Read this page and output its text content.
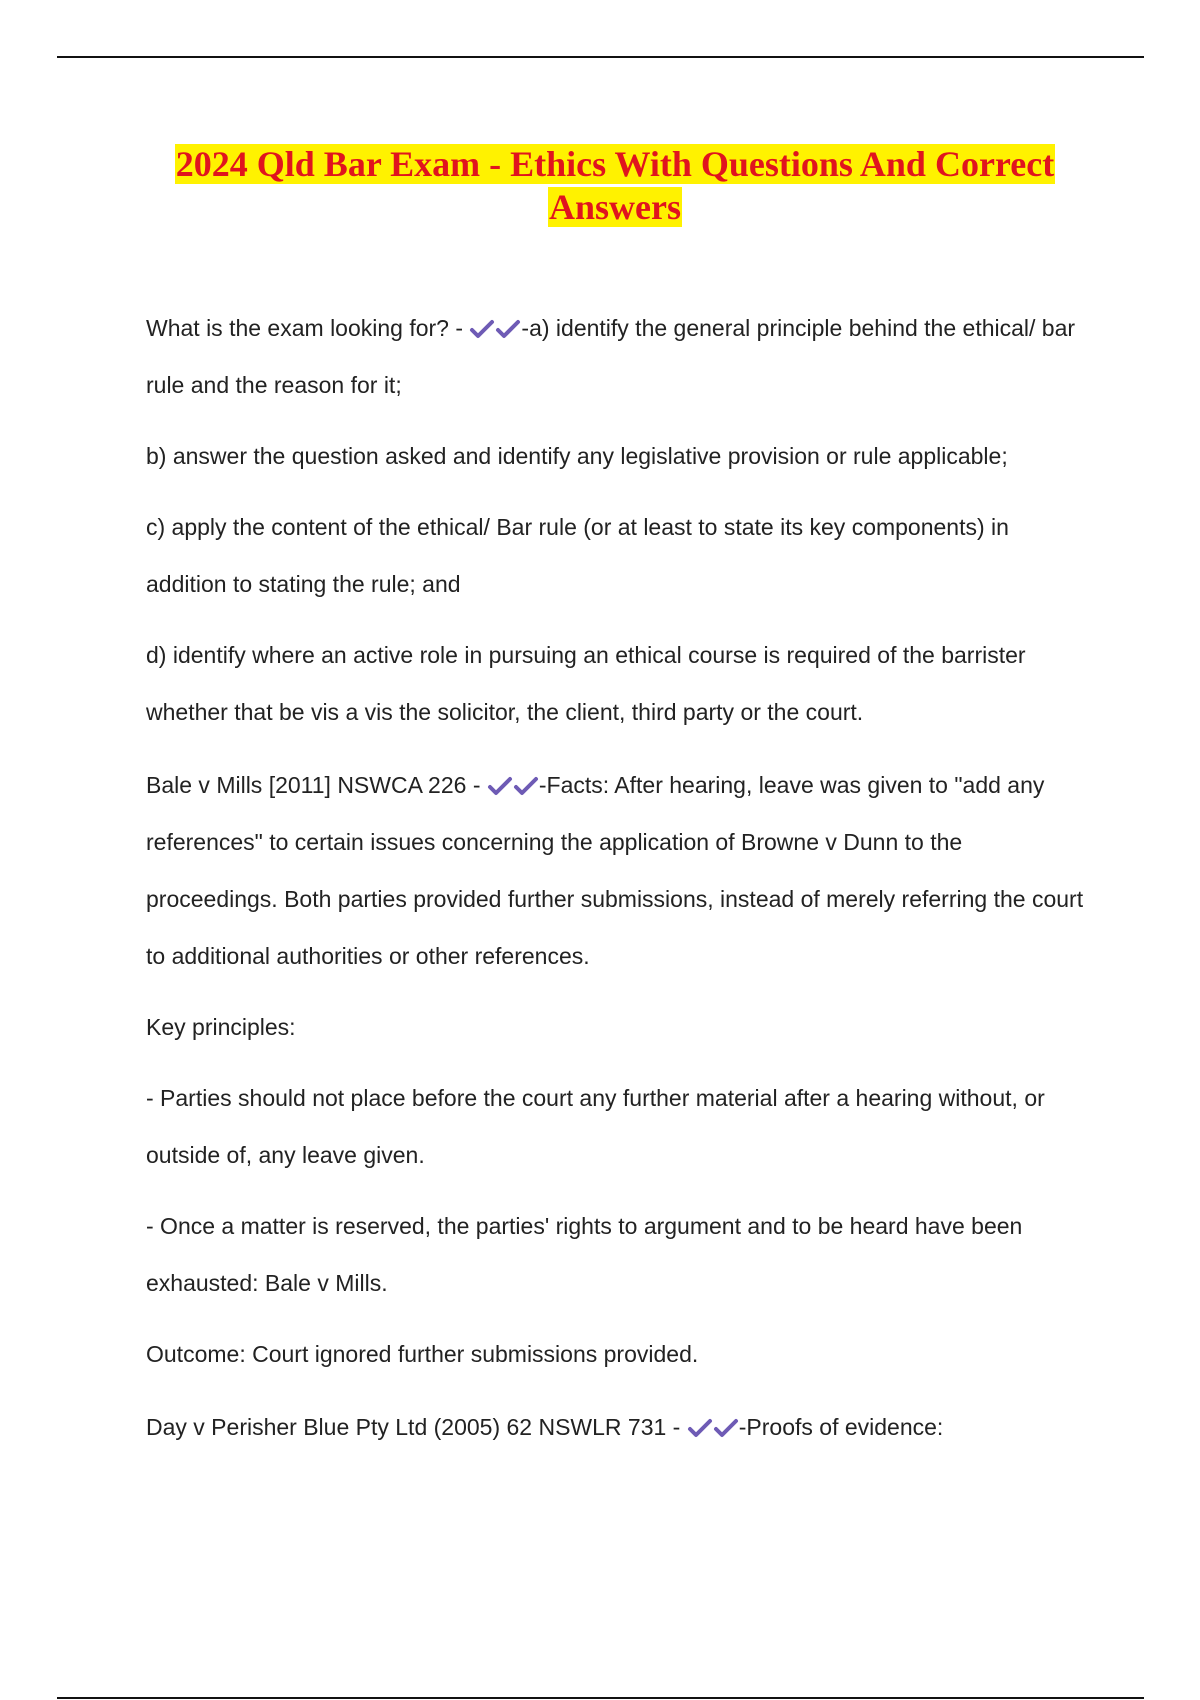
2024 Qld Bar Exam - Ethics With Questions And Correct Answers

What is the exam looking for? -
-a) identify the general principle behind the ethical/ bar rule and the reason for it;

b) answer the question asked and identify any legislative provision or rule applicable;

c) apply the content of the ethical/ Bar rule (or at least to state its key components) in addition to stating the rule; and

d) identify where an active role in pursuing an ethical course is required of the barrister whether that be vis a vis the solicitor, the client, third party or the court.

Bale v Mills [2011] NSWCA 226 -
-Facts: After hearing, leave was given to "add any references" to certain issues concerning the application of Browne v Dunn to the proceedings. Both parties provided further submissions, instead of merely referring the court to additional authorities or other references.

Key principles:

- Parties should not place before the court any further material after a hearing without, or outside of, any leave given.

- Once a matter is reserved, the parties' rights to argument and to be heard have been exhausted: Bale v Mills.

Outcome: Court ignored further submissions provided.

Day v Perisher Blue Pty Ltd (2005) 62 NSWLR 731 -
-Proofs of evidence:
